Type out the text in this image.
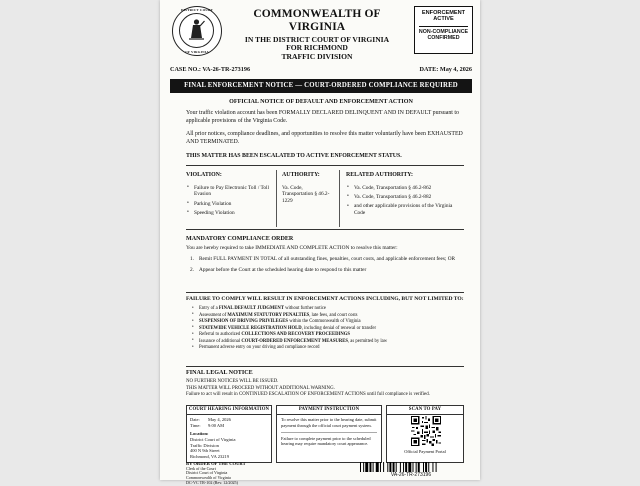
DISTRICT COURT
OF VIRGINIA
COMMONWEALTH OF VIRGINIA
IN THE DISTRICT COURT OF VIRGINIA
FOR RICHMOND
TRAFFIC DIVISION
ENFORCEMENT ACTIVE
NON-COMPLIANCE CONFIRMED
CASE NO.: VA-26-TR-273196	DATE: May 4, 2026
FINAL ENFORCEMENT NOTICE — COURT-ORDERED COMPLIANCE REQUIRED
OFFICIAL NOTICE OF DEFAULT AND ENFORCEMENT ACTION
Your traffic violation account has been FORMALLY DECLARED DELINQUENT AND IN DEFAULT pursuant to applicable provisions of the Virginia Code.
All prior notices, compliance deadlines, and opportunities to resolve this matter voluntarily have been EXHAUSTED AND TERMINATED.
THIS MATTER HAS BEEN ESCALATED TO ACTIVE ENFORCEMENT STATUS.
VIOLATION:
• Failure to Pay Electronic Toll / Toll Evasion
• Parking Violation
• Speeding Violation
AUTHORITY:
Va. Code, Transportation § 46.2-1229
RELATED AUTHORITY:
• Va. Code, Transportation § 46.2-862
• Va. Code, Transportation § 46.2-882
• and other applicable provisions of the Virginia Code
MANDATORY COMPLIANCE ORDER
You are hereby required to take IMMEDIATE AND COMPLETE ACTION to resolve this matter:
1. Remit FULL PAYMENT IN TOTAL of all outstanding fines, penalties, court costs, and applicable enforcement fees; OR
2. Appear before the Court at the scheduled hearing date to respond to this matter
FAILURE TO COMPLY WILL RESULT IN ENFORCEMENT ACTIONS INCLUDING, BUT NOT LIMITED TO:
• Entry of a FINAL DEFAULT JUDGMENT without further notice
• Assessment of MAXIMUM STATUTORY PENALTIES, late fees, and court costs
• SUSPENSION OF DRIVING PRIVILEGES within the Commonwealth of Virginia
• STATEWIDE VEHICLE REGISTRATION HOLD, including denial of renewal or transfer
• Referral to authorized COLLECTIONS AND RECOVERY PROCEEDINGS
• Issuance of additional COURT-ORDERED ENFORCEMENT MEASURES, as permitted by law
• Permanent adverse entry on your driving and compliance record
FINAL LEGAL NOTICE
NO FURTHER NOTICES WILL BE ISSUED.
THIS MATTER WILL PROCEED WITHOUT ADDITIONAL WARNING.
Failure to act will result in CONTINUED ESCALATION OF ENFORCEMENT ACTIONS until full compliance is verified.
COURT HEARING INFORMATION
Date:	May 4, 2026
Time:	9:00 AM
Location:
District Court of Virginia
Traffic Division
400 N 9th Street
Richmond, VA 23219
PAYMENT INSTRUCTION
To resolve this matter prior to the hearing date, submit payment through the official court payment system.
Failure to complete payment prior to the scheduled hearing may require mandatory court appearance.
SCAN TO PAY
Official Payment Portal
BY ORDER OF THE COURT
Clerk of the Court
District Court of Virginia
Commonwealth of Virginia
DC-VC TR-102 (Rev. 12/2025)
VA-26-TR-273196
